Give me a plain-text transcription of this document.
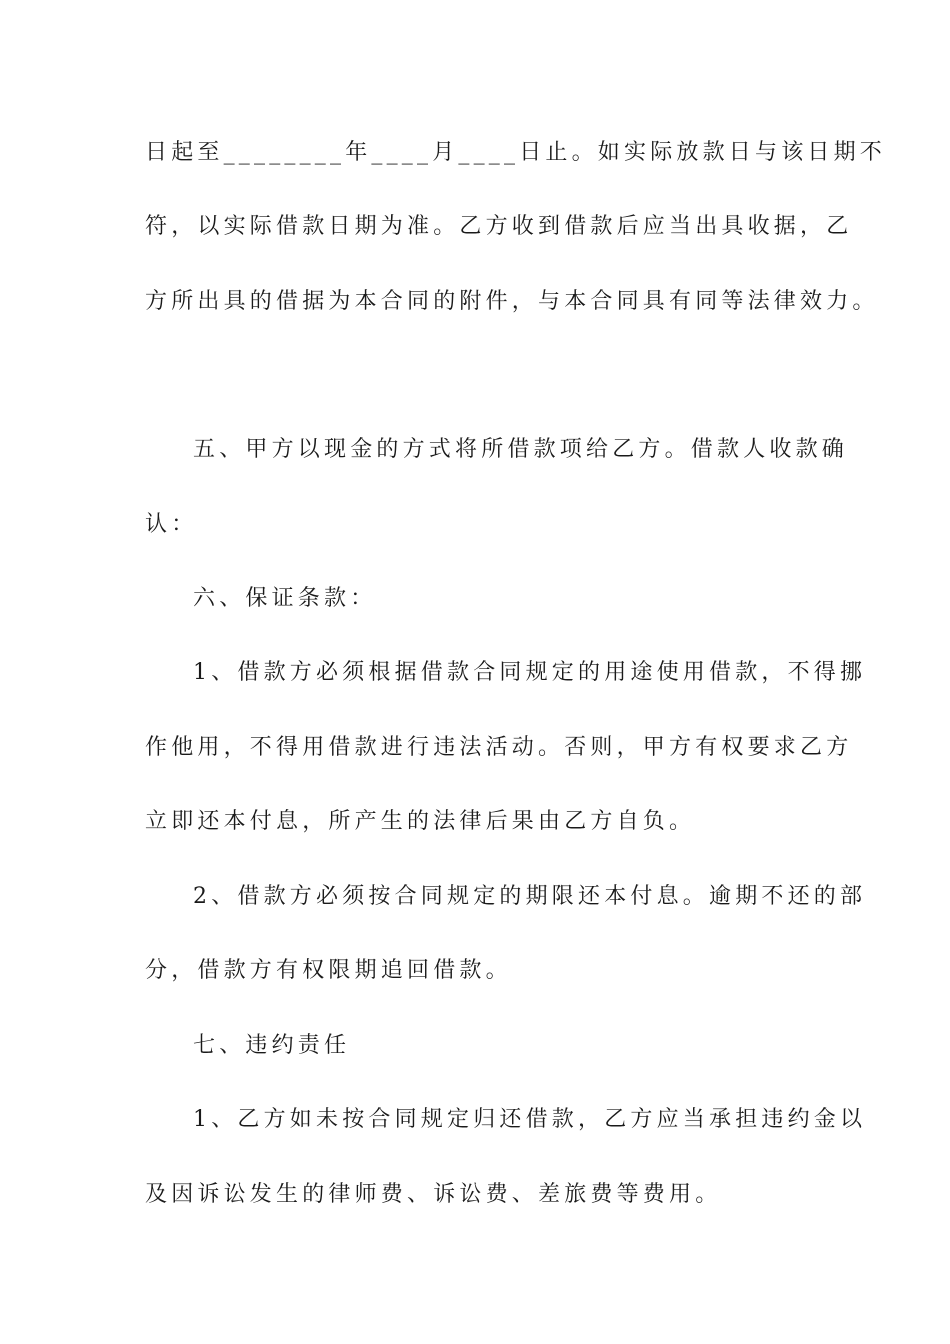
日起至________年____月____日止。如实际放款日与该日期不
符，以实际借款日期为准。乙方收到借款后应当出具收据，乙
方所出具的借据为本合同的附件，与本合同具有同等法律效力。
五、甲方以现金的方式将所借款项给乙方。借款人收款确
认：
六、保证条款：
1、借款方必须根据借款合同规定的用途使用借款，不得挪
作他用，不得用借款进行违法活动。否则，甲方有权要求乙方
立即还本付息，所产生的法律后果由乙方自负。
2、借款方必须按合同规定的期限还本付息。逾期不还的部
分，借款方有权限期追回借款。
七、违约责任
1、乙方如未按合同规定归还借款，乙方应当承担违约金以
及因诉讼发生的律师费、诉讼费、差旅费等费用。
